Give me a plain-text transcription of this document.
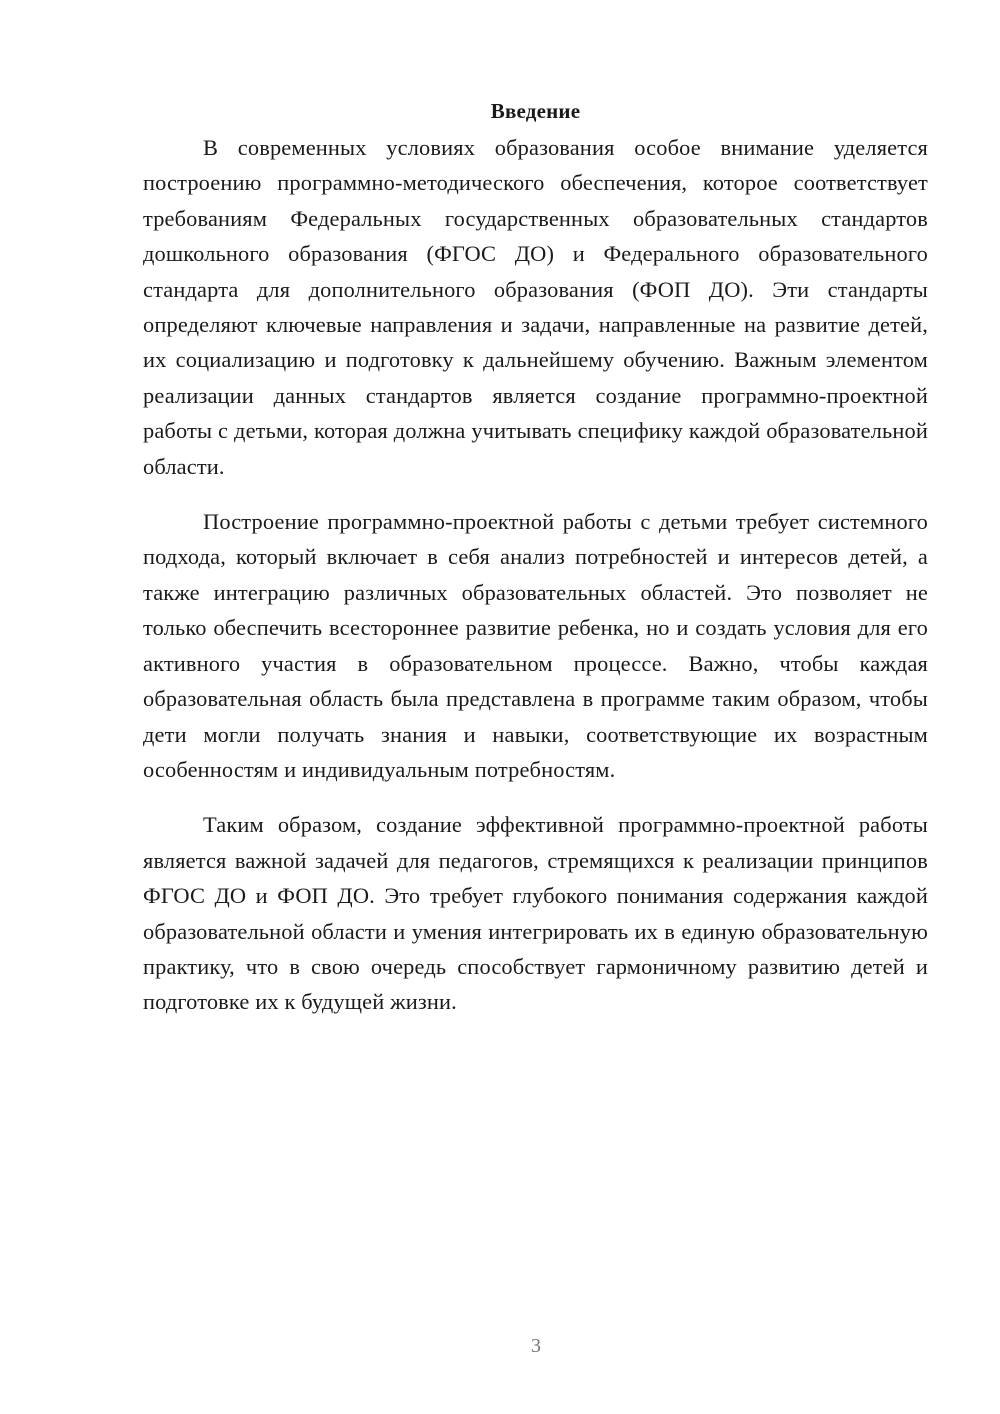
Введение

В современных условиях образования особое внимание уделяется построению программно-методического обеспечения, которое соответствует требованиям Федеральных государственных образовательных стандартов дошкольного образования (ФГОС ДО) и Федерального образовательного стандарта для дополнительного образования (ФОП ДО). Эти стандарты определяют ключевые направления и задачи, направленные на развитие детей, их социализацию и подготовку к дальнейшему обучению. Важным элементом реализации данных стандартов является создание программно-проектной работы с детьми, которая должна учитывать специфику каждой образовательной области.

Построение программно-проектной работы с детьми требует системного подхода, который включает в себя анализ потребностей и интересов детей, а также интеграцию различных образовательных областей. Это позволяет не только обеспечить всестороннее развитие ребенка, но и создать условия для его активного участия в образовательном процессе. Важно, чтобы каждая образовательная область была представлена в программе таким образом, чтобы дети могли получать знания и навыки, соответствующие их возрастным особенностям и индивидуальным потребностям.

Таким образом, создание эффективной программно-проектной работы является важной задачей для педагогов, стремящихся к реализации принципов ФГОС ДО и ФОП ДО. Это требует глубокого понимания содержания каждой образовательной области и умения интегрировать их в единую образовательную практику, что в свою очередь способствует гармоничному развитию детей и подготовке их к будущей жизни.

3
